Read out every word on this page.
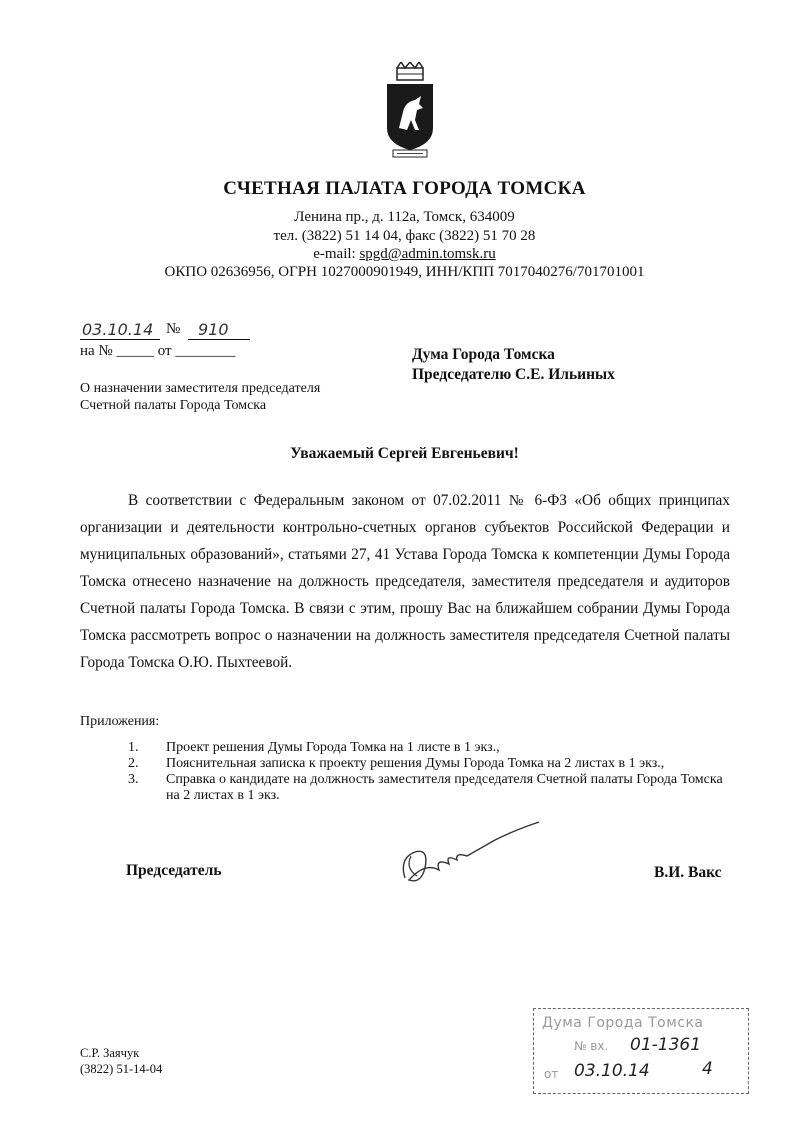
СЧЕТНАЯ ПАЛАТА ГОРОДА ТОМСКА
Ленина пр., д. 112а, Томск, 634009
тел. (3822) 51 14 04, факс (3822) 51 70 28
e-mail: spgd@admin.tomsk.ru
ОКПО 02636956, ОГРН 1027000901949, ИНН/КПП 7017040276/701701001
03.10.14 № 910
на № _____ от ________	Дума Города Томска
Председателю С.Е. Ильиных
О назначении заместителя председателя
Счетной палаты Города Томска
Уважаемый Сергей Евгеньевич!

В соответствии с Федеральным законом от 07.02.2011 № 6-ФЗ «Об общих принципах организации и деятельности контрольно-счетных органов субъектов Российской Федерации и муниципальных образований», статьями 27, 41 Устава Города Томска к компетенции Думы Города Томска отнесено назначение на должность председателя, заместителя председателя и аудиторов Счетной палаты Города Томска. В связи с этим, прошу Вас на ближайшем собрании Думы Города Томска рассмотреть вопрос о назначении на должность заместителя председателя Счетной палаты Города Томска О.Ю. Пыхтеевой.

Приложения:
1.	Проект решения Думы Города Томка на 1 листе в 1 экз.,
2.	Пояснительная записка к проекту решения Думы Города Томка на 2 листах в 1 экз.,
3.	Справка о кандидате на должность заместителя председателя Счетной палаты Города Томска на 2 листах в 1 экз.
Председатель	В.И. Вакс
С.Р. Заячук
(3822) 51-14-04
Дума Города Томска
№ вх. 01-1361
от 03.10.14	4
